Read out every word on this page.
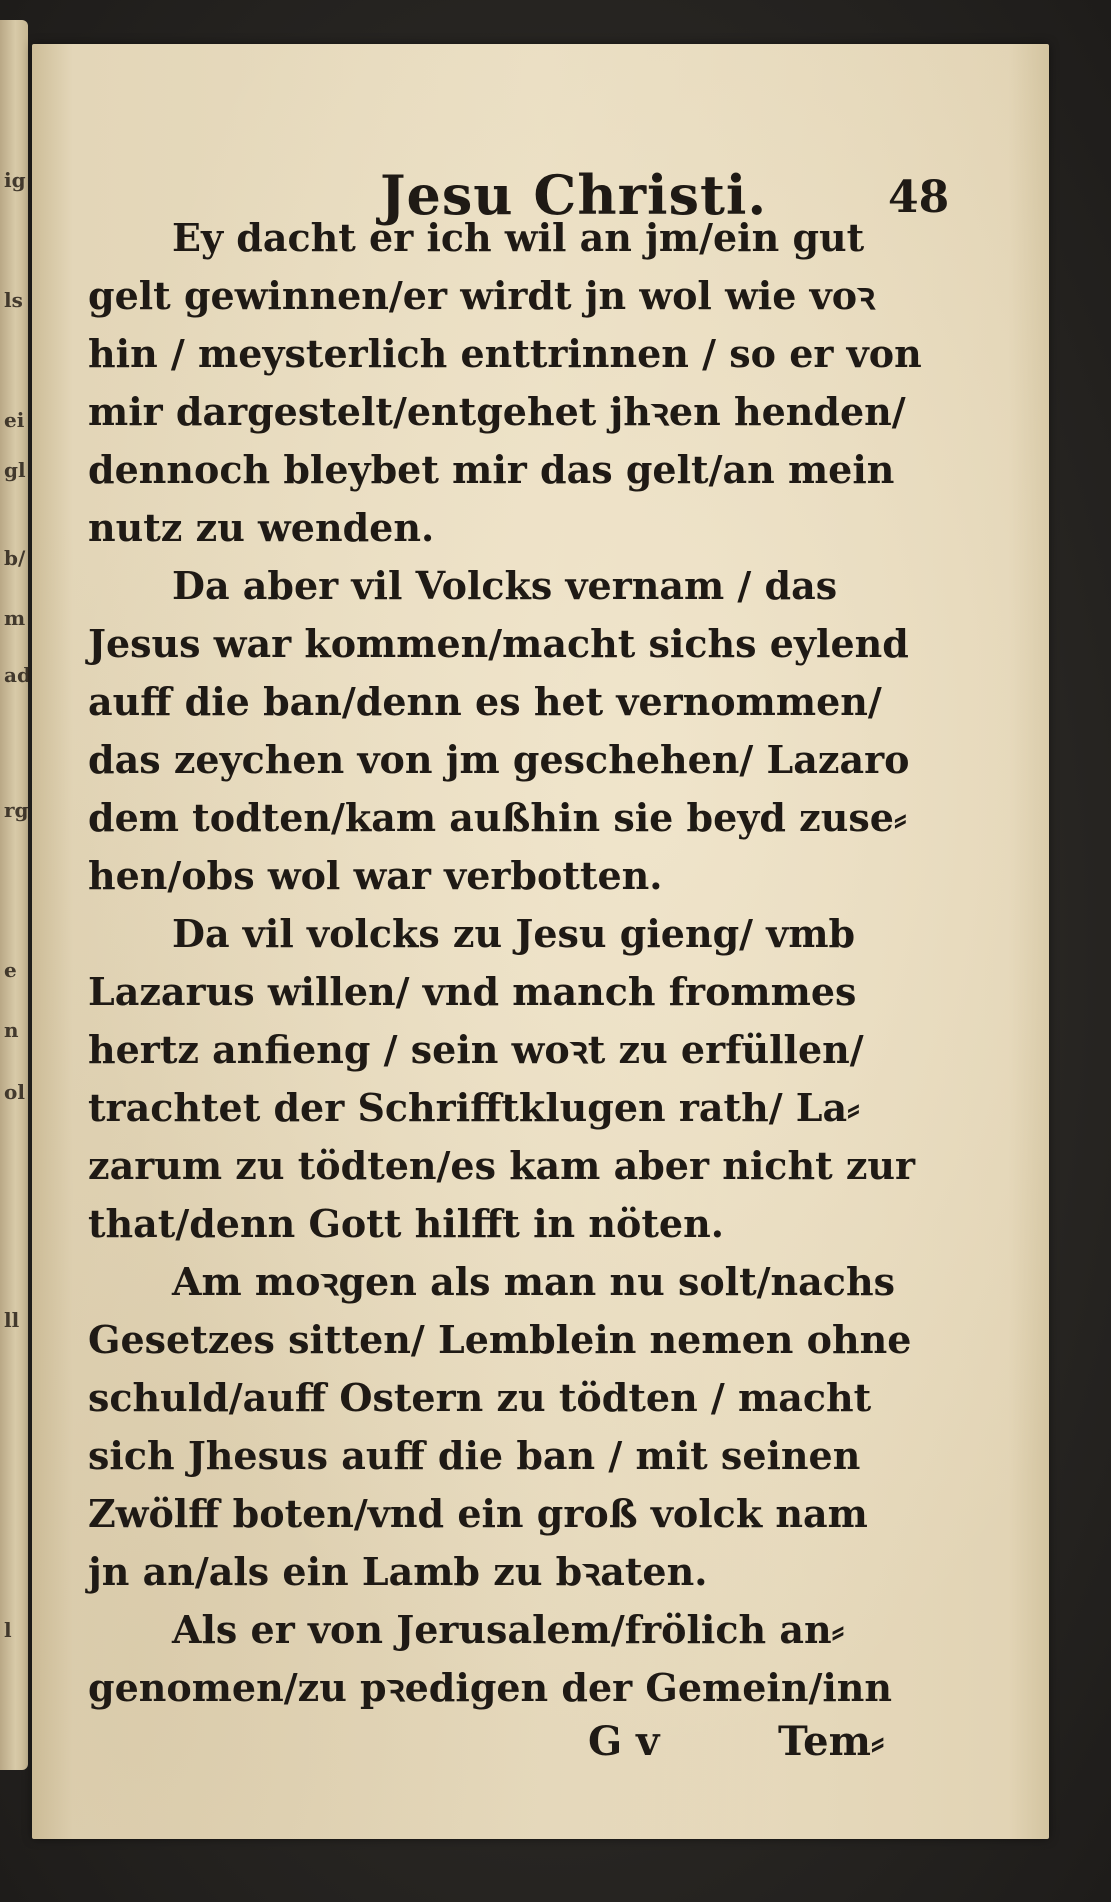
ig
ls
ei
gl
b/
m
ad
rg
e
n
ol
ll
l
Jesu Christi.	48
Ey dacht er ich wil an jm/ein gut
gelt gewinnen/er wirdt jn wol wie voꝛ
hin / meysterlich enttrinnen / so er von
mir dargestelt/entgehet jhꝛen henden/
dennoch bleybet mir das gelt/an mein
nutz zu wenden.
Da aber vil Volcks vernam / das
Jesus war kommen/macht sichs eylend
auff die ban/denn es het vernommen/
das zeychen von jm geschehen/ Lazaro
dem todten/kam außhin sie beyd zuse⸗
hen/obs wol war verbotten.
Da vil volcks zu Jesu gieng/ vmb
Lazarus willen/ vnd manch frommes
hertz anfieng / sein woꝛt zu erfüllen/
trachtet der Schrifftklugen rath/ La⸗
zarum zu tödten/es kam aber nicht zur
that/denn Gott hilfft in nöten.
Am moꝛgen als man nu solt/nachs
Gesetzes sitten/ Lemblein nemen ohne
schuld/auff Ostern zu tödten / macht
sich Jhesus auff die ban / mit seinen
Zwölff boten/vnd ein groß volck nam
jn an/als ein Lamb zu bꝛaten.
Als er von Jerusalem/frölich an⸗
genomen/zu pꝛedigen der Gemein/inn
G v	Tem⸗
